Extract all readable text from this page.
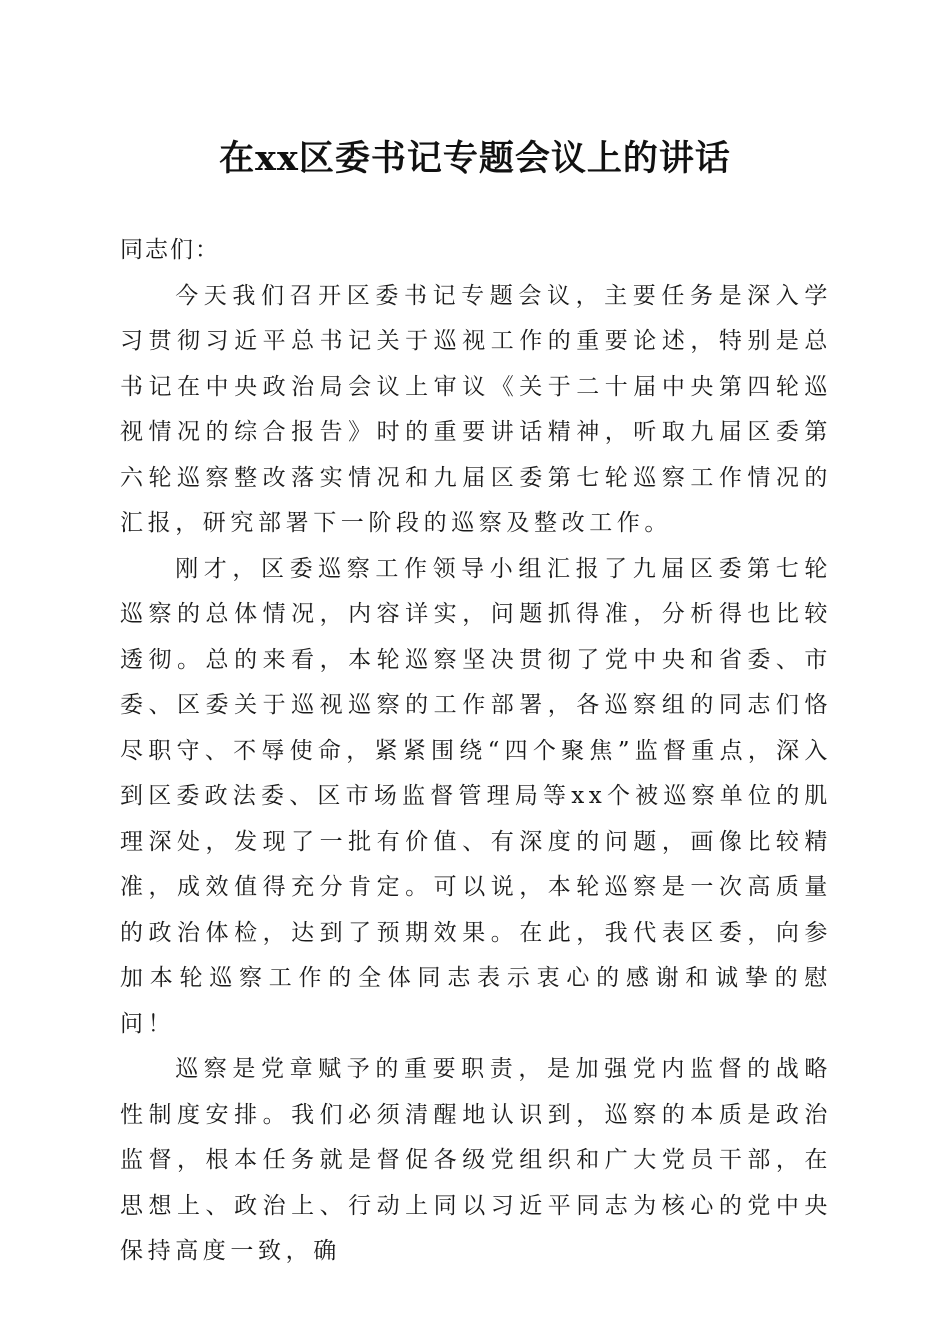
在xx区委书记专题会议上的讲话

同志们：

今天我们召开区委书记专题会议，主要任务是深入学习贯彻习近平总书记关于巡视工作的重要论述，特别是总书记在中央政治局会议上审议《关于二十届中央第四轮巡视情况的综合报告》时的重要讲话精神，听取九届区委第六轮巡察整改落实情况和九届区委第七轮巡察工作情况的汇报，研究部署下一阶段的巡察及整改工作。

刚才，区委巡察工作领导小组汇报了九届区委第七轮巡察的总体情况，内容详实，问题抓得准，分析得也比较透彻。总的来看，本轮巡察坚决贯彻了党中央和省委、市委、区委关于巡视巡察的工作部署，各巡察组的同志们恪尽职守、不辱使命，紧紧围绕“四个聚焦”监督重点，深入到区委政法委、区市场监督管理局等xx个被巡察单位的肌理深处，发现了一批有价值、有深度的问题，画像比较精准，成效值得充分肯定。可以说，本轮巡察是一次高质量的政治体检，达到了预期效果。在此，我代表区委，向参加本轮巡察工作的全体同志表示衷心的感谢和诚挚的慰问！

巡察是党章赋予的重要职责，是加强党内监督的战略性制度安排。我们必须清醒地认识到，巡察的本质是政治监督，根本任务就是督促各级党组织和广大党员干部，在思想上、政治上、行动上同以习近平同志为核心的党中央保持高度一致，确
